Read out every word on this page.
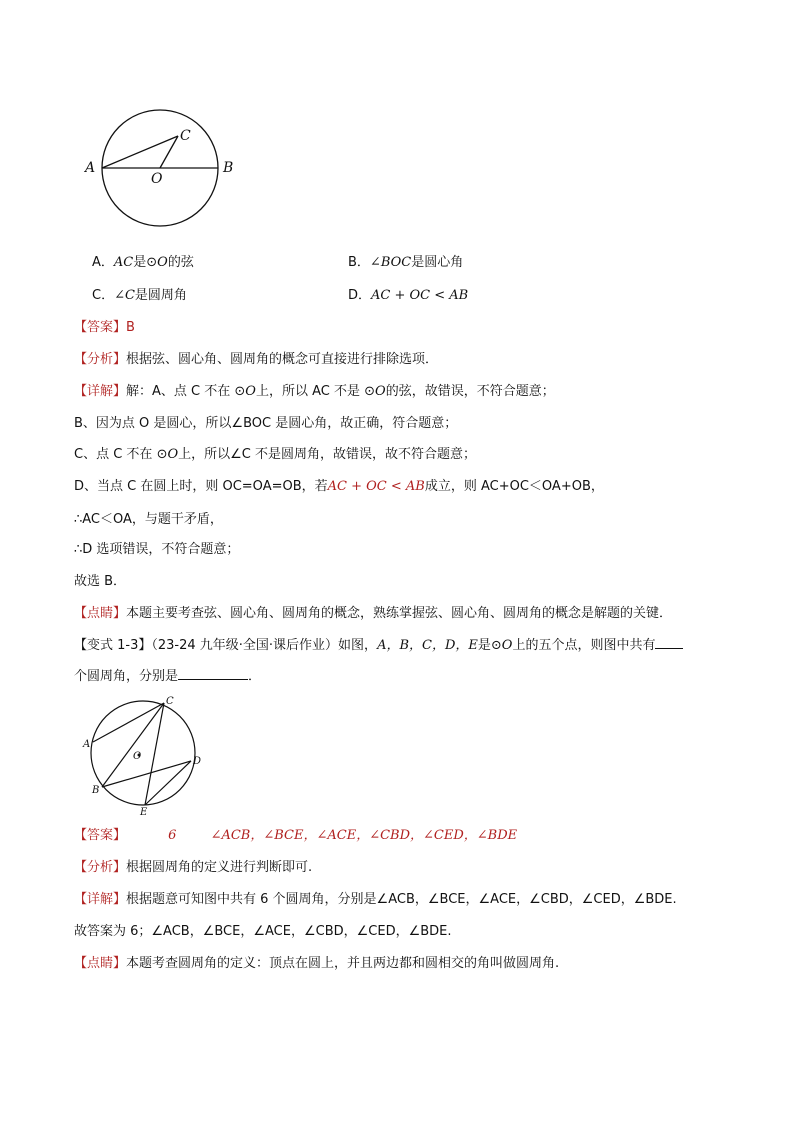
A	B
C
O
A．AC是⊙O的弦	B．∠BOC是圆心角
C．∠C是圆周角	D．AC + OC < AB
【答案】B
【分析】根据弦、圆心角、圆周角的概念可直接进行排除选项．
【详解】解：A、点 C 不在 ⊙O上，所以 AC 不是 ⊙O的弦，故错误，不符合题意；
B、因为点 O 是圆心，所以∠BOC 是圆心角，故正确，符合题意；
C、点 C 不在 ⊙O上，所以∠C 不是圆周角，故错误，故不符合题意；
D、当点 C 在圆上时，则 OC=OA=OB，若AC + OC < AB成立，则 AC+OC＜OA+OB，
∴AC＜OA，与题干矛盾，
∴D 选项错误，不符合题意；
故选 B．
【点睛】本题主要考查弦、圆心角、圆周角的概念，熟练掌握弦、圆心角、圆周角的概念是解题的关键．
【变式 1-3】（23-24 九年级·全国·课后作业）如图，A，B，C，D，E是⊙O上的五个点，则图中共有
个圆周角，分别是	．
C
A
O	D
B
E
【答案】	6	∠ACB，∠BCE，∠ACE，∠CBD，∠CED，∠BDE
【分析】根据圆周角的定义进行判断即可.
【详解】根据题意可知图中共有 6 个圆周角，分别是∠ACB，∠BCE，∠ACE，∠CBD，∠CED，∠BDE.
故答案为 6；∠ACB，∠BCE，∠ACE，∠CBD，∠CED，∠BDE.
【点睛】本题考查圆周角的定义：顶点在圆上，并且两边都和圆相交的角叫做圆周角.
